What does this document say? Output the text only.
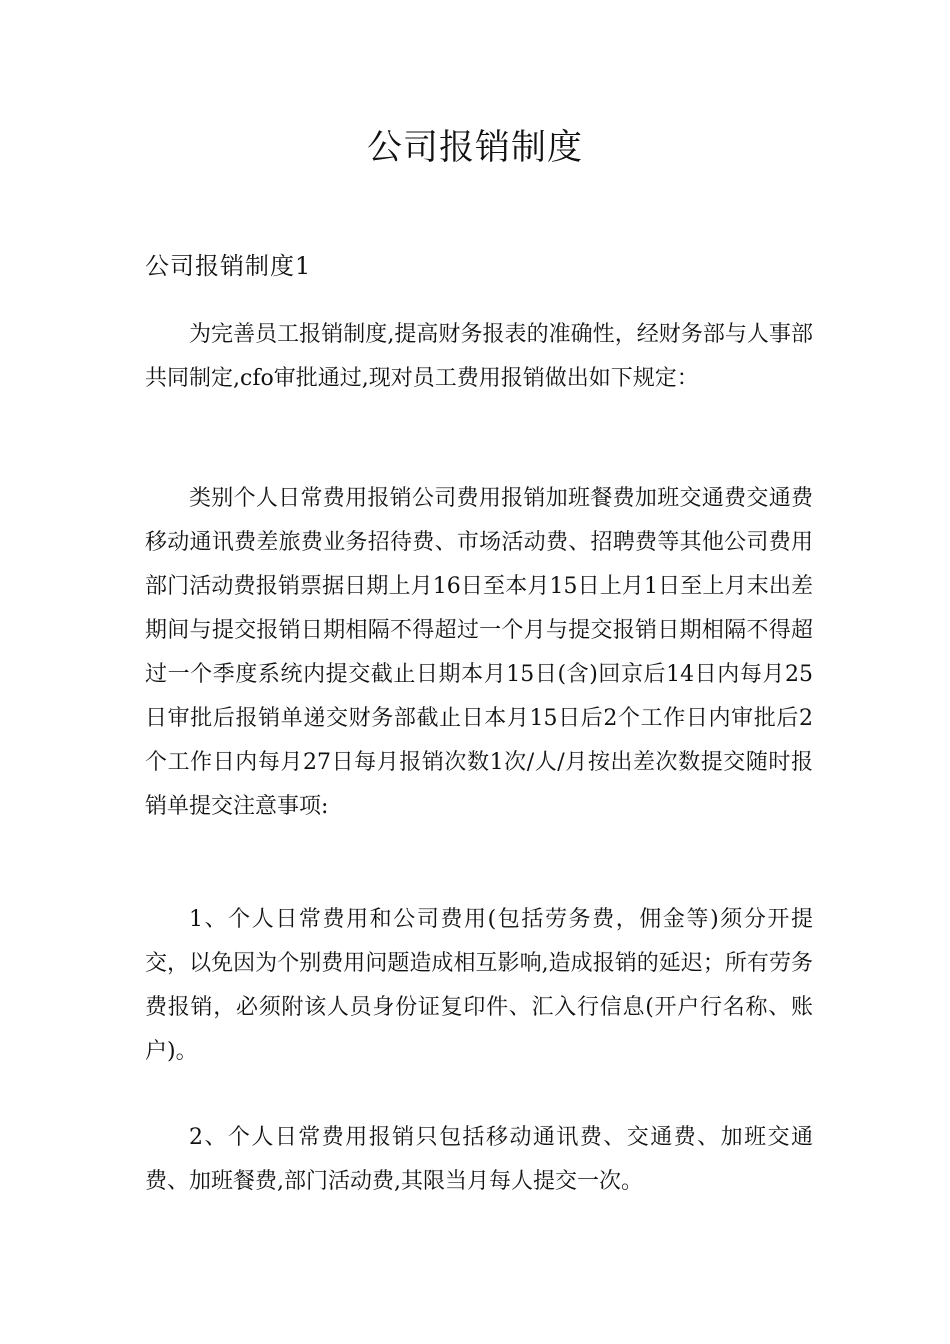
公司报销制度
公司报销制度1

为完善员工报销制度,提高财务报表的准确性，经财务部与人事部共同制定,cfo审批通过,现对员工费用报销做出如下规定：

类别个人日常费用报销公司费用报销加班餐费加班交通费交通费移动通讯费差旅费业务招待费、市场活动费、招聘费等其他公司费用部门活动费报销票据日期上月16日至本月15日上月1日至上月末出差期间与提交报销日期相隔不得超过一个月与提交报销日期相隔不得超过一个季度系统内提交截止日期本月15日(含)回京后14日内每月25日审批后报销单递交财务部截止日本月15日后2个工作日内审批后2个工作日内每月27日每月报销次数1次/人/月按出差次数提交随时报销单提交注意事项:

1、个人日常费用和公司费用(包括劳务费，佣金等)须分开提交，以免因为个别费用问题造成相互影响,造成报销的延迟；所有劳务费报销，必须附该人员身份证复印件、汇入行信息(开户行名称、账户)。

2、个人日常费用报销只包括移动通讯费、交通费、加班交通费、加班餐费,部门活动费,其限当月每人提交一次。
